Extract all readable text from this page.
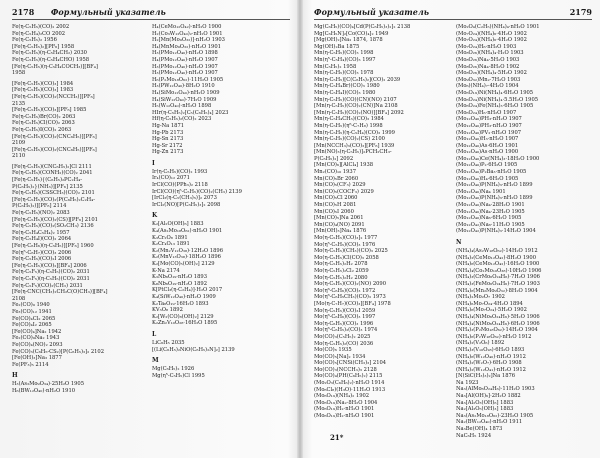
2178 Формульный указатель
Fe(η-C₅H₅)(CO)₂ 2002
Fe(η-C₅H₄)₂CO 2002
Fe(η-C₅H₅)₂ 1956
[Fe(η-C₅H₅)₂][PF₆] 1958
Fe(η-C₅H₅)(η-C₅H₄CH₂) 2030
Fe(η-C₅H₅)(η-C₅H₄CHO) 1958
[Fe(η-C₅H₅)(η-C₅H₄COCH₃)][BF₄]
1958
[Fe(η-C₅H₅)(CO)₃] 1984
[Fe(η-C₅H₅)(CO)₃] 1983
[Fe(η-C₅H₅)(CO)₂(NCCH₃)][PF₆]
2135
[Fe(η-C₅H₅)(CO)₃][PF₆] 1985
Fe(η-C₅H₅)Br(CO)₂ 2063
Fe(η-C₅H₅)Cl(CO)₂ 2063
Fe(η-C₅H₅)I(CO)₂ 2063
[Fe(η-C₅H₅)(CO)₂(CNC₆H₅)][PF₆]
2109
[Fe(η-C₅H₅)(CO)₂(CNC₆H₅)][PF₆]
2110
[Fe(η-C₅H₅)(CNC₆H₅)₂]Cl 2111
Fe(η-C₅H₅)(CONH₂)(CO)₂ 2041
[Fe(η-C₅H₅){(C₆H₅)₂PC₂H₄-
P(C₆H₅)₂}(NH₃)][PF₆] 2135
Fe(η-C₅H₅)(CSSCH₃)(CO)₂ 2101
[Fe(η-C₅H₅)(CO)₂(P(C₆H₅)₂C₂H₄-
P(C₆H₅)₂)][PF₆] 2114
Fe(η-C₅H₅)(NO)₂ 2083
[Fe(η-C₅H₅)(CO)₂(CS)][PF₆] 2101
Fe(η-C₅H₅)(CO)₂(SO₂CH₃) 2136
Fe(η-C₅H₄C₅H₄)₂ 1957
Fe(η-C₅H₄I)(CO)₂ 2064
[Fe(η-C₆H₆)(η-C₅H₅)][PF₆] 1960
Fe(η⁵-C₆H₇)(CO)₃ 2006
Fe(η-C₅H₅)(CO)₂I 2006
[Fe(η-C₅H₅)(CO)₂][BF₄] 2006
Fe(η-C₅F₅)(η-C₅H₅)(CO)₂ 2031
Fe(η-C₅F₅)(η-C₅H₅)(CO)₂ 2031
Fe(η-C₅F₅)(CO)₂(CH₃) 2031
[Fe(η-CNC(CH₃)₂CH₂C(O)CH₃)][BF₄]
2108
Fe₂(CO)₉ 1940
Fe₃(CO)₁₂ 1941
Fe(CO)₄Cl₂ 2065
Fe(CO)₄I₂ 2065
[Fe(CO)₄]Na₂ 1942
Fe₂(CO)₉Na₂ 1943
Fe(CO)₄(NO)₂ 2093
Fe(CO)₃(C₆H₅-CS₂)[P(C₆H₅)₃]₂ 2102
[Fe(OH)₃]Na₃ 1877
Fe(PF₃)₅ 2114
H
H₃(As₃Mo₉O₃₄)·25H₂O 1905
H₆(BW₁₂O₄₀)·nH₂O 1910
H₄(CeMo₁₂O₄₂)·nH₂O 1900
H₂(Co₃W₁₂O₄₀)₂·nH₂O 1901
H₂[Mn(Mo₉O₃₂)]·nH₂O 1903
H₄(MnMo₉O₃₂)·nH₂O 1901
H₃(PMo₁₂O₄₀)·nH₂O 1898
H₄(PMo₁₂O₄₀)·nH₂O 1907
H₃(PMo₁₂O₄₀)·nH₂O 1907
H₃(PMo₁₂O₄₀)·nH₂O 1907
H₆(P₂Mo₁₈O₆₂)·11H₂O 1905
H₃(PW₁₂O₄₀)·8H₂O 1910
H₄(SiMo₁₂O₄₀)·nH₂O 1909
H₄(SiW₁₂O₄₀)·7H₂O 1909
H₅(W₁₂O₄₀)·nH₂O 1898
HIr(η-C₅H₅)₂[C₅(C₆H₅)₄] 2023
Hf(η-C₅H₅)₂(CO)₂ 2023
Hg-Na 1871
Hg-Pb 2173
Hg-Sn 2173
Hg-Sr 2172
Hg-Zn 2173
I
Ir(η-C₅H₅)(CO)₂ 1993
Ir₄(CO)₁₂ 2071
IrCl(CO)(PPh₃)₂ 2118
IrCl(CO)(η⁵-C₅H₅)(CO)₂(CH₃) 2139
[IrCl₃(η-C₅(CH₃)₅)]₂ 2073
IrCl₂(NO)[P(C₆H₅)₃]₂ 2098
K
K₂[Al₂O(OH)₆] 1883
K₄(As₂Mo₁₈O₆₂)·nH₂O 1901
K₃Cr₂O₈ 1891
K₂Cr₄O₁₃ 1891
K₂(Mn₂V₁₂O₃₈)·12H₂O 1896
K₂(MnV₁₃O₃₈)·18H₂O 1896
K₂[Mo(CO)₅(OH)₂] 2129
K-Na 2174
K₃Nb₆O₁₉·nH₂O 1893
K₈Nb₆O₁₉·nH₂O 1892
K[PtCl₃(η-C₂H₄)]·H₂O 2017
K₄(SiW₁₂O₄₀)·nH₂O 1909
K₂Ta₆O₁₉·16H₂O 1893
KV₃O₈ 1892
K₂[W₂(CO)₈(OH)₂] 2129
K₂Zn₂V₁₀O₂₈·16H₂O 1895
L
LiC₆H₅ 2035
[(Li(C₆H₅)₂NiO(C₆H₅)₂N]₂] 2139
M
Mg(C₆H₅)₂ 1926
Mg(η⁵-C₅H₅)Cl 1995
Формульный указатель	2179
Mg(C₆H₅)(CO)₄[Cd(P(C₆H₅)₃)₂]₂ 2138
Mg[C₆H₅N]₂[Co(CO)₄]₂ 1949
[Mg(OH)₂]Na₂ 1874, 1878
Mg(OH)₂Ba 1875
Mn(η-C₅H₅)(CO)₃ 1998
Mn(η⁵-C₅H₄)(CO)₃ 1997
Mn(C₅H₅)₂ 1958
Mn(η-C₅H₅)(CO)₃ 1978
Mn(η-C₅H₅)[C(C₆H₅)₂](CO)₂ 2039
Mn(η-C₅H₄Br)(CO)₃ 1980
Mn(η-C₅H₄I)(CO)₃ 1980
Mn(η-C₅H₅)(CO)(CN)(NO) 2107
[Mn(η-C₅H₅)(CO)₂(CN)]Na 2108
[Mn(η-C₅H₅)(CO)₂(NO)][BF₄] 2092
Mn(η-C₅H₄CH₃)(CO)₃ 1984
Mn(η-C₅H₅)(η⁶-C₇H₈) 1998
Mn(η-C₅H₅)(η-C₅H₄)(CO)₃ 1999
Mn(η-C₅H₅)(CO)₂(CS) 2100
[Mn(NCCH₃)₃(CO)₃][PF₆] 1939
[Mn(NO)₃(η-C₅H₅)]₂PCH₂CH₃-
P(C₆H₅)₂] 2092
[Mn(CO)₆][AlCl₄] 1938
Mn₂(CO)₁₀ 1937
Mn(CO)₅Br 2060
Mn(CO)₅(CF₃) 2029
Mn(CO)₅(COCF₃) 2029
Mn(CO)₅Cl 2060
Mn(CO)₅H 2081
Mn(CO)₅I 2060
[Mn(CO)₅]Na 2061
Mn(CO)₄(NO) 2091
[Mn(OH)₃]Na₄ 1876
Mo(η-C₅H₅)(CO)₃]₂ 1977
Mo(η⁵-C₅H₅)(CO)₃ 1976
Mo(η-C₅H₅)(CH₃)(CO)₃ 2025
Mo(η-C₅H₅)Cl(CO)₃ 2058
Mo(η-C₅H₅)₂H₂ 2078
Mo(η-C₅H₅)₂Cl₂ 2059
Mo(η-C₅H₅)₂H₂ 2080
Mo(η-C₅H₅)(CO)₂(NO) 2090
Mo(η⁶-C₆H₆)(CO)₃ 1972
Mo(η⁶-C₆H₅CH₃)(CO)₃ 1973
[Mo(η-C₇H₇)(CO)₃][BF₄] 1978
Mo(η-C₅H₅)(CO)₃I 2059
Mo(η⁶-C₆H₆)(CO)₃ 1997
Mo(η-C₆H₅)(CO)₃ 1996
Mo(η⁶-C₆H₅)₂(CO)₃ 1974
Mo(CO)₃(C₅H₅)₂ 2025
Mo(η-C₅H₅)₂(CO) 2036
Mo(CO)₆ 1935
Mo(CO)₅[Na]₂ 1934
Mo(CO)₅[CNSi(CH₃)₃] 2104
Mo(CO)₃(NCCH₃)₃ 2128
Mo(CO)₄(PH(C₆H₅)₂) 2115
(Mo₂O₃(C₆H₆)₂)·nH₂O 1914
(Mo₆Cl₈)(H₃O)·11H₂O 1913
(Mo₆O₁₉)(NH₄)₂ 1902
(Mo₆O₁₉)Na₂·8H₂O 1904
(Mo₆O₁₉)H₂·nH₂O 1901
(Mo₆O₁₉)H₂·nH₂O 1901
(Mo₂O₄(C₂H₅)(NH₄)₄·nH₂O 1901
(Mo₇O₂₄)(NH₄)₆·4H₂O 1902
(Mo₇O₂₄)(NH₄)₆·4H₂O 1902
(Mo₇O₂₄)H₆·nH₂O 1903
(Mo₈O₂₆)(NH₄)₄·H₂O 1903
(Mo₈O₂₆)Na₄·5H₂O 1903
(Mo₈O₂₆)Na₄·8H₂O 1902
(Mo₈O₂₆)(NH₄)₄·5H₂O 1902
(Mo₉O₃₂)Mn₂·7H₂O 1903
(Mo₆)(NH₄)₇·4H₂O 1904
(Mo₆O₁₉)Ni(NH₄)₄·6H₂O 1905
(Mo₆O₂₄)Ni(NH₄)₄·5.5H₂O 1905
(Mo₆O₂₄)Fe(NH₄)₃·6H₂O 1905
(Mo₆O₂₄)H₆·nH₂O 1907
(Mo₁₂O₄₀)PH₃·nH₂O 1907
(Mo₁₂O₄₀)PH₃·nH₂O 1907
(Mo₁₂O₄₀)PV₂·nH₂O 1907
(Mo₁₂O₄₀)H₃·nH₂O 1907
(Mo₁₂O₄₀)As·6H₂O 1901
(Mo₁₂O₄₀)As·nH₂O 1900
(Mo₁₂O₄₀)Ce(NH₄)₃·18H₂O 1900
(Mo₁₂O₄₀)P₂·6H₂O 1905
(Mo₁₂O₄₀)P₂Ba₃·nH₂O 1905
(Mo₁₂O₄₀)H₄·6H₂O 1905
(Mo₁₂O₄₀)P(NH₄)₃·nH₂O 1899
(Mo₁₂O₄₀)Na₄ 1901
(Mo₁₂O₄₀)P(NH₄)₃·nH₂O 1899
(Mo₁₂O₄₀)Na₄·28H₂O 1901
(Mo₁₂O₄₀)Na₄·23H₂O 1905
(Mo₁₂O₄₀)Na₆·6H₂O 1905
(Mo₁₂O₄₂)Na₈·11H₂O 1905
(Mo₁₂O₄₂)P(NH₄)₃·14H₂O 1904
N
(NH₄)₄(As₂W₁₈O₆₂)·14H₂O 1912
(NH₄)₂(CeMo₁₂O₄₂)·8H₂O 1900
(NH₄)₆(CeMo₁₂O₄₂)·16H₂O 1900
(NH₄)₄(Co₂Mo₁₀O₃₈)·10H₂O 1906
(NH₄)₃(CrMo₆O₂₄H₆)·7H₂O 1906
(NH₄)₃(FeMo₆O₂₄H₆)·7H₂O 1903
(NH₄)₆(Mn₂Mo₉O₃₂)·8H₂O 1904
(NH₄)₂Mo₂O₇ 1902
(NH₄)₆Mo₇O₂₄·4H₂O 1894
(NH₄)₆(Mo₇O₂₄)·5H₂O 1902
(NH₄)₄(NiMo₆O₂₄H₆)·5H₂O 1906
(NH₄)₄(NiMo₆O₂₄H₆)·6H₂O 1906
(NH₄)₃(P₂Mo₁₈O₆₂)·14H₂O 1904
(NH₄)₆(P₂W₁₈O₆₂)·nH₂O 1912
(NH₄)₂(V₂O₆) 1892
(NH₄)₃(V₁₀O₂₈)·6H₂O 1893
(NH₄)₆(W₁₂O₄₀)·nH₂O 1912
(NH₄)₂(W₂O₇)·6H₂O 1908
(NH₄)₂(W₁₂O₄₁)·nH₂O 1912
[N(SiC(H₃)₃)₂]Na 1876
Na 1923
Na₃(AlMo₆O₂₄H₆)·11H₂O 1903
Na₃[Al(OH)₆]·2H₂O 1882
Na₃[Al₂O₃(OH)₆] 1883
Na₂[Al₃O₅(OH)₃] 1883
Na₃(As₂Mo₁₈O₆₂)·23H₂O 1905
Na₂(BW₁₂O₄₀)·nH₂O 1911
Na₃Be(OH)₄ 1873
NaC₆H₅ 1924
21*
